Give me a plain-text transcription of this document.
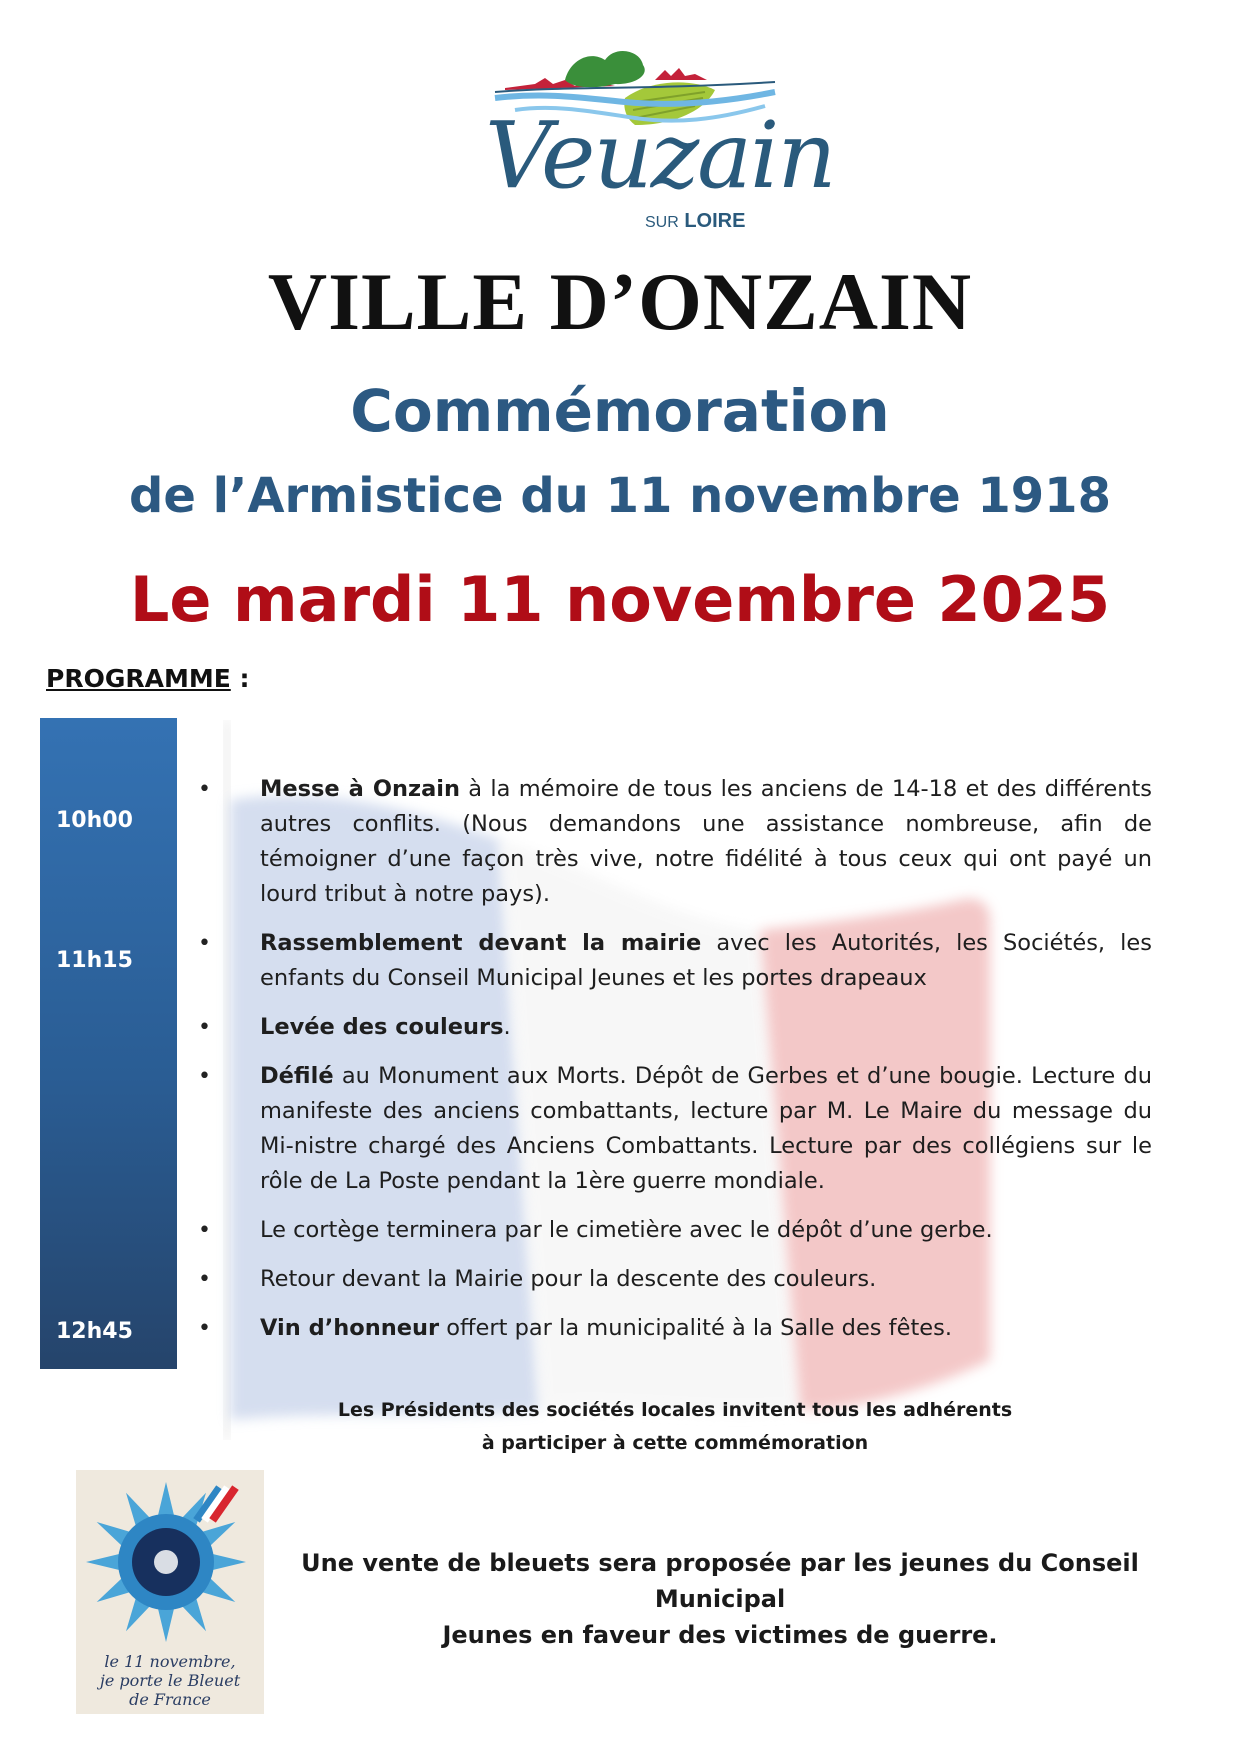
Veuzain
SUR LOIRE
VILLE D’ONZAIN
Commémoration
de l’Armistice du 11 novembre 1918
Le mardi 11 novembre 2025
PROGRAMME :
10h00
11h15
12h45
• Messe à Onzain à la mémoire de tous les anciens de 14-18 et des différents autres conflits. (Nous demandons une assistance nombreuse, afin de témoigner d’une façon très vive, notre fidélité à tous ceux qui ont payé un lourd tribut à notre pays).
• Rassemblement devant la mairie avec les Autorités, les Sociétés, les enfants du Conseil Municipal Jeunes et les portes drapeaux
• Levée des couleurs.
• Défilé au Monument aux Morts. Dépôt de Gerbes et d’une bougie. Lecture du manifeste des anciens combattants, lecture par M. Le Maire du message du Mi-nistre chargé des Anciens Combattants. Lecture par des collégiens sur le rôle de La Poste pendant la 1ère guerre mondiale.
• Le cortège terminera par le cimetière avec le dépôt d’une gerbe.
• Retour devant la Mairie pour la descente des couleurs.
• Vin d’honneur offert par la municipalité à la Salle des fêtes.
Les Présidents des sociétés locales invitent tous les adhérents
à participer à cette commémoration
le 11 novembre,
je porte le Bleuet
de France
Une vente de bleuets sera proposée par les jeunes du Conseil Municipal
Jeunes en faveur des victimes de guerre.
